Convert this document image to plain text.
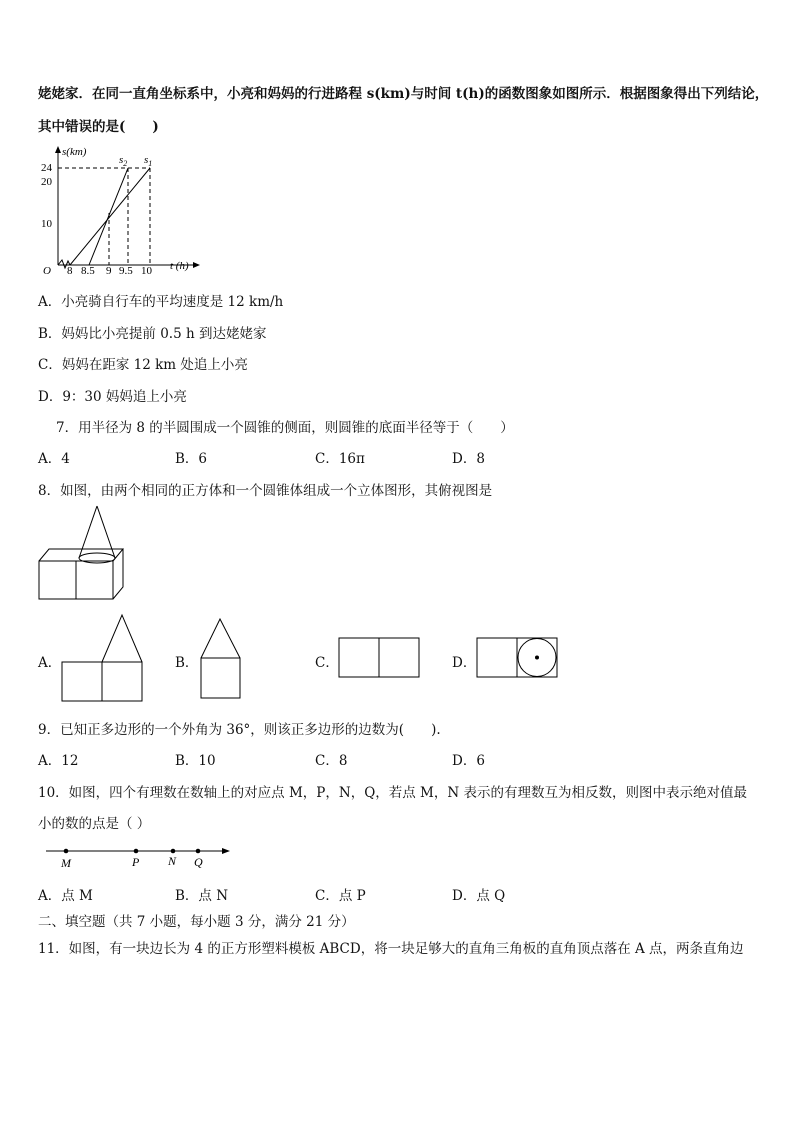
姥姥家．在同一直角坐标系中，小亮和妈妈的行进路程 s(km)与时间 t(h)的函数图象如图所示．根据图象得出下列结论，
其中错误的是(　　)
s(km)
t (h)
O
24
20
10
8 8.5 9 9.5 10
$s_2$ $s_1$
A．小亮骑自行车的平均速度是 12 km/h
B．妈妈比小亮提前 0.5 h 到达姥姥家
C．妈妈在距家 12 km 处追上小亮
D．9：30 妈妈追上小亮
7．用半径为 8 的半圆围成一个圆锥的侧面，则圆锥的底面半径等于（　　）
A．4	B．6	C．16π	D．8
8．如图，由两个相同的正方体和一个圆锥体组成一个立体图形，其俯视图是
A．	B．	C．	D．
9．已知正多边形的一个外角为 36°，则该正多边形的边数为(　　).
A．12	B．10	C．8	D．6
10．如图，四个有理数在数轴上的对应点 M，P，N，Q，若点 M，N 表示的有理数互为相反数，则图中表示绝对值最
小的数的点是（ ）
M	P N Q
A．点 M	B．点 N	C．点 P	D．点 Q
二、填空题（共 7 小题，每小题 3 分，满分 21 分）
11．如图，有一块边长为 4 的正方形塑料模板 ABCD，将一块足够大的直角三角板的直角顶点落在 A 点，两条直角边
